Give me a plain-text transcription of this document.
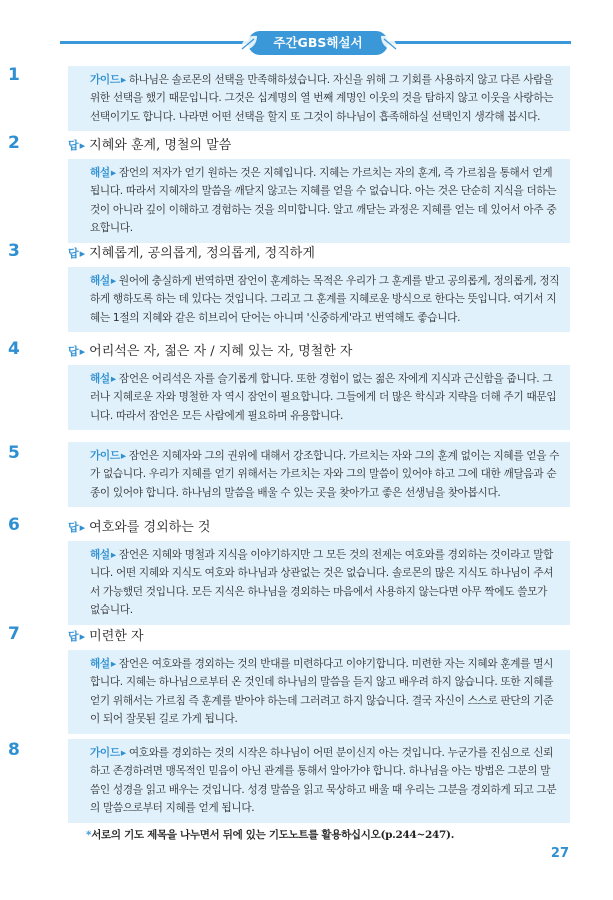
주간GBS해설서
1	가이드 ▸ 하나님은 솔로몬의 선택을 만족해하셨습니다. 자신을 위해 그 기회를 사용하지 않고 다른 사람을 위한 선택을 했기 때문입니다. 그것은 십계명의 열 번째 계명인 이웃의 것을 탐하지 않고 이웃을 사랑하는 선택이기도 합니다. 나라면 어떤 선택을 할지 또 그것이 하나님이 흡족해하실 선택인지 생각해 봅시다.
2	답 ▸ 지혜와 훈계, 명철의 말씀
해설 ▸ 잠언의 저자가 얻기 원하는 것은 지혜입니다. 지혜는 가르치는 자의 훈계, 즉 가르침을 통해서 얻게 됩니다. 따라서 지혜자의 말씀을 깨닫지 않고는 지혜를 얻을 수 없습니다. 아는 것은 단순히 지식을 더하는 것이 아니라 깊이 이해하고 경험하는 것을 의미합니다. 알고 깨닫는 과정은 지혜를 얻는 데 있어서 아주 중요합니다.
3	답 ▸ 지혜롭게, 공의롭게, 정의롭게, 정직하게
해설 ▸ 원어에 충실하게 번역하면 잠언이 훈계하는 목적은 우리가 그 훈계를 받고 공의롭게, 정의롭게, 정직하게 행하도록 하는 데 있다는 것입니다. 그리고 그 훈계를 지혜로운 방식으로 한다는 뜻입니다. 여기서 지혜는 1절의 지혜와 같은 히브리어 단어는 아니며 '신중하게'라고 번역해도 좋습니다.
4	답 ▸ 어리석은 자, 젊은 자 / 지혜 있는 자, 명철한 자
해설 ▸ 잠언은 어리석은 자를 슬기롭게 합니다. 또한 경험이 없는 젊은 자에게 지식과 근신함을 줍니다. 그러나 지혜로운 자와 명철한 자 역시 잠언이 필요합니다. 그들에게 더 많은 학식과 지략을 더해 주기 때문입니다. 따라서 잠언은 모든 사람에게 필요하며 유용합니다.
5	가이드 ▸ 잠언은 지혜자와 그의 권위에 대해서 강조합니다. 가르치는 자와 그의 훈계 없이는 지혜를 얻을 수가 없습니다. 우리가 지혜를 얻기 위해서는 가르치는 자와 그의 말씀이 있어야 하고 그에 대한 깨달음과 순종이 있어야 합니다. 하나님의 말씀을 배울 수 있는 곳을 찾아가고 좋은 선생님을 찾아봅시다.
6	답 ▸ 여호와를 경외하는 것
해설 ▸ 잠언은 지혜와 명철과 지식을 이야기하지만 그 모든 것의 전제는 여호와를 경외하는 것이라고 말합니다. 어떤 지혜와 지식도 여호와 하나님과 상관없는 것은 없습니다. 솔로몬의 많은 지식도 하나님이 주셔서 가능했던 것입니다. 모든 지식은 하나님을 경외하는 마음에서 사용하지 않는다면 아무 짝에도 쓸모가 없습니다.
7	답 ▸ 미련한 자
해설 ▸ 잠언은 여호와를 경외하는 것의 반대를 미련하다고 이야기합니다. 미련한 자는 지혜와 훈계를 멸시합니다. 지혜는 하나님으로부터 온 것인데 하나님의 말씀을 듣지 않고 배우려 하지 않습니다. 또한 지혜를 얻기 위해서는 가르침 즉 훈계를 받아야 하는데 그러려고 하지 않습니다. 결국 자신이 스스로 판단의 기준이 되어 잘못된 길로 가게 됩니다.
8	가이드 ▸ 여호와를 경외하는 것의 시작은 하나님이 어떤 분이신지 아는 것입니다. 누군가를 진심으로 신뢰하고 존경하려면 맹목적인 믿음이 아닌 관계를 통해서 알아가야 합니다. 하나님을 아는 방법은 그분의 말씀인 성경을 읽고 배우는 것입니다. 성경 말씀을 읽고 묵상하고 배울 때 우리는 그분을 경외하게 되고 그분의 말씀으로부터 지혜를 얻게 됩니다.
*서로의 기도 제목을 나누면서 뒤에 있는 기도노트를 활용하십시오(p.244~247).
27
